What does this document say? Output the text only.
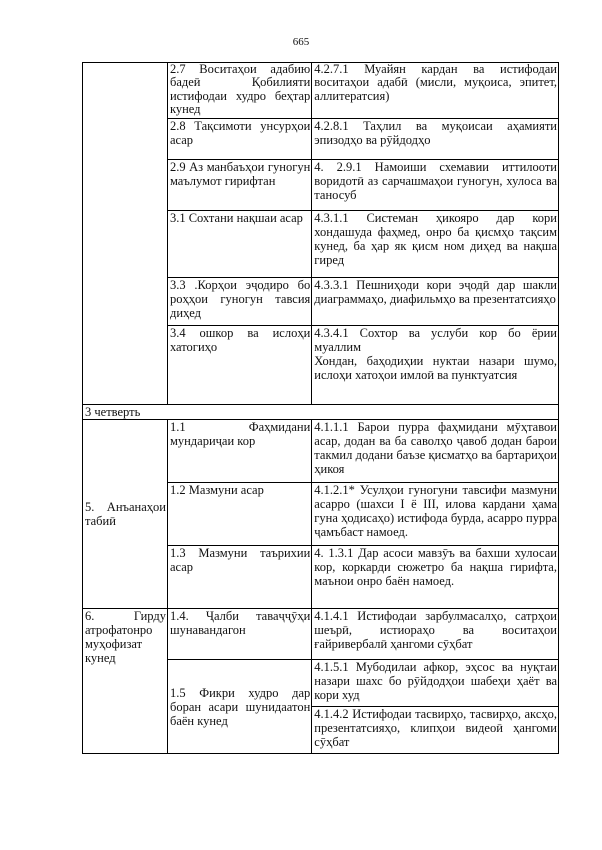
665
	2.7 Воситаҳои адабию бадеӣ Қобилияти истифодаи худро беҳтар кунед	4.2.7.1 Муайян кардан ва истифодаи воситаҳои адабӣ (мисли, муқоиса, эпитет, аллитератсия)
	2.8 Тақсимоти унсурҳои асар	4.2.8.1 Таҳлил ва муқоисаи аҳамияти эпизодҳо ва рӯйдодҳо
	2.9 Аз манбаъҳои гуногун маълумот гирифтан	4. 2.9.1 Намоиши схемавии иттилооти воридотӣ аз сарчашмаҳои гуногун, хулоса ва таносуб
	3.1 Сохтани нақшаи асар	4.3.1.1 Системан ҳикояро дар кори хондашуда фаҳмед, онро ба қисмҳо тақсим кунед, ба ҳар як қисм ном диҳед ва нақша гиред
	3.3 .Корҳои эҷодиро бо роҳҳои гуногун тавсия диҳед	4.3.3.1 Пешниҳоди кори эҷодӣ дар шакли диаграммаҳо, диафильмҳо ва презентатсияҳо
	3.4 ошкор ва ислоҳи хатогиҳо	4.3.4.1 Сохтор ва услуби кор бо ёрии муаллим
Хондан, баҳодиҳии нуктаи назари шумо, ислоҳи хатоҳои имлоӣ ва пунктуатсия

3 четверть		
5. Анъанаҳои табиӣ	1.1 Фаҳмидани мундариҷаи кор	4.1.1.1 Барои пурра фаҳмидани мӯҳтавои асар, додан ва ба саволҳо ҷавоб додан барои такмил додани баъзе қисматҳо ва бартариҳои ҳикоя
	1.2 Мазмуни асар	4.1.2.1* Усулҳои гуногуни тавсифи мазмуни асарро (шахси I ё III, илова кардани ҳама гуна ҳодисаҳо) истифода бурда, асарро пурра ҷамъбаст намоед.
	1.3 Мазмуни таърихии асар	4. 1.3.1 Дар асоси мавзӯъ ва бахши хулосаи кор, коркарди сюжетро ба нақша гирифта, маънои онро баён намоед.
6. Гирду атрофатонро муҳофизат кунед	1.4. Ҷалби таваҷҷӯҳи шунавандагон	4.1.4.1 Истифодаи зарбулмасалҳо, сатрҳои шеърӣ, истиораҳо ва воситаҳои ғайривербалӣ ҳангоми сӯҳбат
	1.5 Фикри худро дар боран асари шунидаатон баён кунед	4.1.5.1 Мубодилаи афкор, эҳсос ва нуқтаи назари шахс бо рӯйдодҳои шабеҳи ҳаёт ва кори худ
		4.1.4.2 Истифодаи тасвирҳо, тасвирҳо, аксҳо, презентатсияҳо, клипҳои видеоӣ ҳангоми сӯҳбат
